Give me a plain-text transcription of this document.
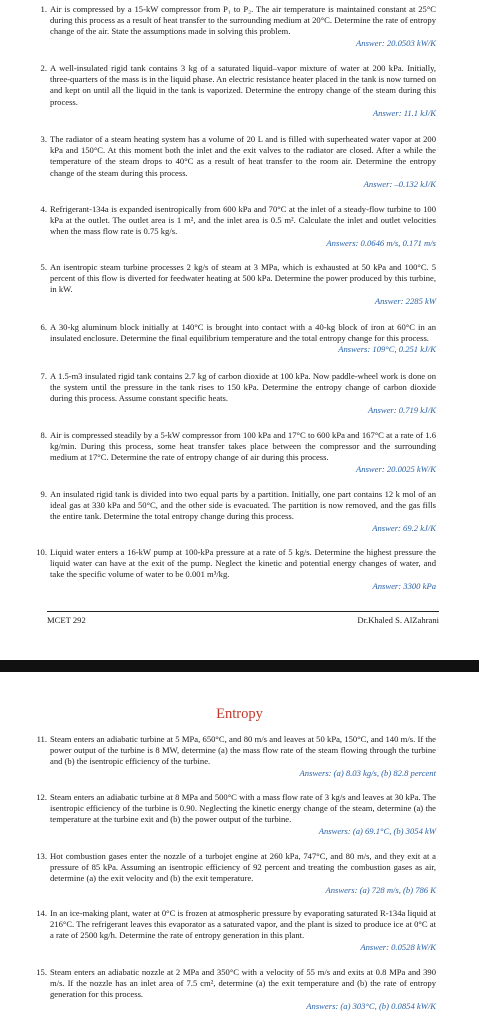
1. Air is compressed by a 15-kW compressor from P₁ to P₂. The air temperature is maintained constant at 25°C during this process as a result of heat transfer to the surrounding medium at 20°C. Determine the rate of entropy change of the air. State the assumptions made in solving this problem.
Answer: 20.0503 kW/K
2. A well-insulated rigid tank contains 3 kg of a saturated liquid–vapor mixture of water at 200 kPa. Initially, three-quarters of the mass is in the liquid phase. An electric resistance heater placed in the tank is now turned on and kept on until all the liquid in the tank is vaporized. Determine the entropy change of the steam during this process.
Answer: 11.1 kJ/K
3. The radiator of a steam heating system has a volume of 20 L and is filled with superheated water vapor at 200 kPa and 150°C. At this moment both the inlet and the exit valves to the radiator are closed. After a while the temperature of the steam drops to 40°C as a result of heat transfer to the room air. Determine the entropy change of the steam during this process.
Answer: –0.132 kJ/K
4. Refrigerant-134a is expanded isentropically from 600 kPa and 70°C at the inlet of a steady-flow turbine to 100 kPa at the outlet. The outlet area is 1 m², and the inlet area is 0.5 m². Calculate the inlet and outlet velocities when the mass flow rate is 0.75 kg/s.
Answers: 0.0646 m/s, 0.171 m/s
5. An isentropic steam turbine processes 2 kg/s of steam at 3 MPa, which is exhausted at 50 kPa and 100°C. 5 percent of this flow is diverted for feedwater heating at 500 kPa. Determine the power produced by this turbine, in kW.
Answer: 2285 kW
6. A 30-kg aluminum block initially at 140°C is brought into contact with a 40-kg block of iron at 60°C in an insulated enclosure. Determine the final equilibrium temperature and the total entropy change for this process.
Answers: 109°C, 0.251 kJ/K
7. A 1.5-m3 insulated rigid tank contains 2.7 kg of carbon dioxide at 100 kPa. Now paddle-wheel work is done on the system until the pressure in the tank rises to 150 kPa. Determine the entropy change of carbon dioxide during this process. Assume constant specific heats.
Answer: 0.719 kJ/K
8. Air is compressed steadily by a 5-kW compressor from 100 kPa and 17°C to 600 kPa and 167°C at a rate of 1.6 kg/min. During this process, some heat transfer takes place between the compressor and the surrounding medium at 17°C. Determine the rate of entropy change of air during this process.
Answer: 20.0025 kW/K
9. An insulated rigid tank is divided into two equal parts by a partition. Initially, one part contains 12 k mol of an ideal gas at 330 kPa and 50°C, and the other side is evacuated. The partition is now removed, and the gas fills the entire tank. Determine the total entropy change during this process.
Answer: 69.2 kJ/K
10. Liquid water enters a 16-kW pump at 100-kPa pressure at a rate of 5 kg/s. Determine the highest pressure the liquid water can have at the exit of the pump. Neglect the kinetic and potential energy changes of water, and take the specific volume of water to be 0.001 m³/kg.
Answer: 3300 kPa
MCET 292	Dr.Khaled S. AlZahrani
Entropy
11. Steam enters an adiabatic turbine at 5 MPa, 650°C, and 80 m/s and leaves at 50 kPa, 150°C, and 140 m/s. If the power output of the turbine is 8 MW, determine (a) the mass flow rate of the steam flowing through the turbine and (b) the isentropic efficiency of the turbine.
Answers: (a) 8.03 kg/s, (b) 82.8 percent
12. Steam enters an adiabatic turbine at 8 MPa and 500°C with a mass flow rate of 3 kg/s and leaves at 30 kPa. The isentropic efficiency of the turbine is 0.90. Neglecting the kinetic energy change of the steam, determine (a) the temperature at the turbine exit and (b) the power output of the turbine.
Answers: (a) 69.1°C, (b) 3054 kW
13. Hot combustion gases enter the nozzle of a turbojet engine at 260 kPa, 747°C, and 80 m/s, and they exit at a pressure of 85 kPa. Assuming an isentropic efficiency of 92 percent and treating the combustion gases as air, determine (a) the exit velocity and (b) the exit temperature.
Answers: (a) 728 m/s, (b) 786 K
14. In an ice-making plant, water at 0°C is frozen at atmospheric pressure by evaporating saturated R-134a liquid at 216°C. The refrigerant leaves this evaporator as a saturated vapor, and the plant is sized to produce ice at 0°C at a rate of 2500 kg/h. Determine the rate of entropy generation in this plant.
Answer: 0.0528 kW/K
15. Steam enters an adiabatic nozzle at 2 MPa and 350°C with a velocity of 55 m/s and exits at 0.8 MPa and 390 m/s. If the nozzle has an inlet area of 7.5 cm², determine (a) the exit temperature and (b) the rate of entropy generation for this process.
Answers: (a) 303°C, (b) 0.0854 kW/K
